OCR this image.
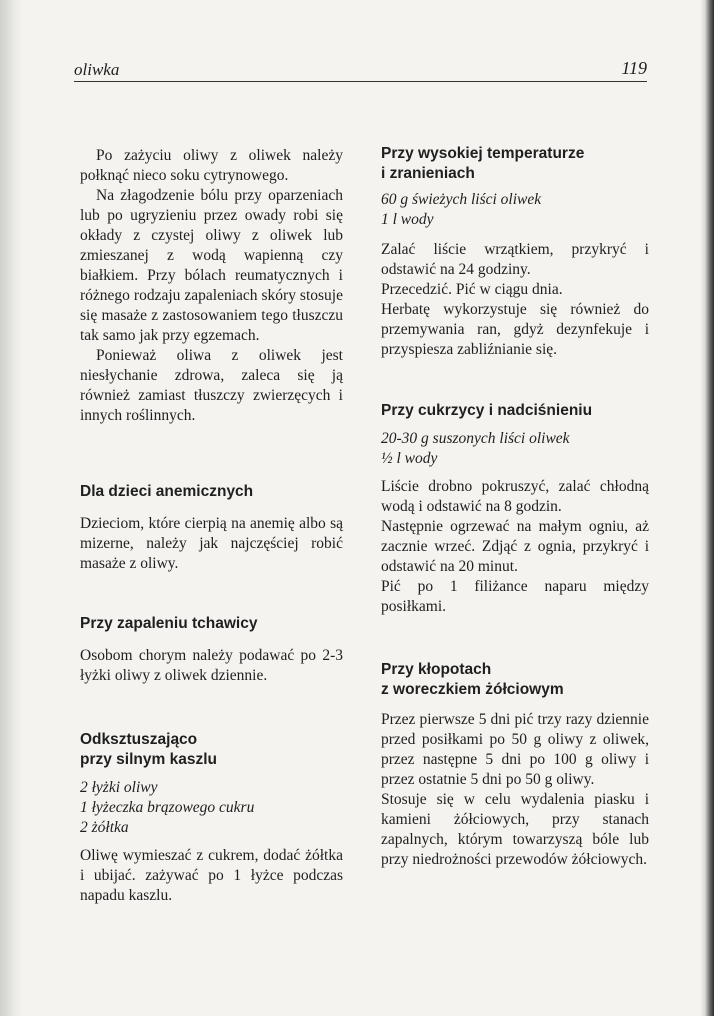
oliwka	119

Po zażyciu oliwy z oliwek należy połknąć nieco soku cytrynowego.

Na złagodzenie bólu przy oparzeniach lub po ugryzieniu przez owady robi się okłady z czystej oliwy z oliwek lub zmieszanej z wodą wapienną czy białkiem. Przy bólach reumatycznych i różnego rodzaju zapaleniach skóry stosuje się masaże z zastosowaniem tego tłuszczu tak samo jak przy egzemach.

Ponieważ oliwa z oliwek jest niesłychanie zdrowa, zaleca się ją również zamiast tłuszczy zwierzęcych i innych roślinnych.

Dla dzieci anemicznych

Dzieciom, które cierpią na anemię albo są mizerne, należy jak najczęściej robić masaże z oliwy.

Przy zapaleniu tchawicy

Osobom chorym należy podawać po 2-3 łyżki oliwy z oliwek dziennie.

Odksztuszająco
przy silnym kaszlu

2 łyżki oliwy

1 łyżeczka brązowego cukru

2 żółtka

Oliwę wymieszać z cukrem, dodać żółtka i ubijać. zażywać po 1 łyżce podczas napadu kaszlu.

Przy wysokiej temperaturze
i zranieniach

60 g świeżych liści oliwek

1 l wody

Zalać liście wrzątkiem, przykryć i odstawić na 24 godziny.

Przecedzić. Pić w ciągu dnia.

Herbatę wykorzystuje się również do przemywania ran, gdyż dezynfekuje i przyspiesza zabliźnianie się.

Przy cukrzycy i nadciśnieniu

20-30 g suszonych liści oliwek

½ l wody

Liście drobno pokruszyć, zalać chłodną wodą i odstawić na 8 godzin.

Następnie ogrzewać na małym ogniu, aż zacznie wrzeć. Zdjąć z ognia, przykryć i odstawić na 20 minut.

Pić po 1 filiżance naparu między posiłkami.

Przy kłopotach
z woreczkiem żółciowym

Przez pierwsze 5 dni pić trzy razy dziennie przed posiłkami po 50 g oliwy z oliwek, przez następne 5 dni po 100 g oliwy i przez ostatnie 5 dni po 50 g oliwy.

Stosuje się w celu wydalenia piasku i kamieni żółciowych, przy stanach zapalnych, którym towarzyszą bóle lub przy niedrożności przewodów żółciowych.
